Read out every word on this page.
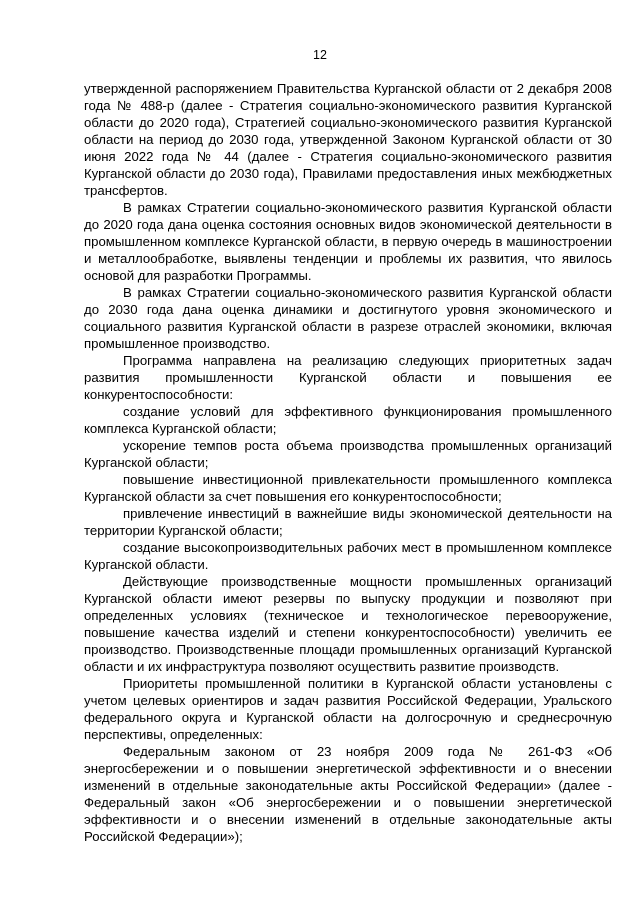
12

утвержденной распоряжением Правительства Курганской области от 2 декабря 2008 года № 488-р (далее - Стратегия социально-экономического развития Курганской области до 2020 года), Стратегией социально-экономического развития Курганской области на период до 2030 года, утвержденной Законом Курганской области от 30 июня 2022 года № 44 (далее - Стратегия социально-экономического развития Курганской области до 2030 года), Правилами предоставления иных межбюджетных трансфертов.

В рамках Стратегии социально-экономического развития Курганской области до 2020 года дана оценка состояния основных видов экономической деятельности в промышленном комплексе Курганской области, в первую очередь в машиностроении и металлообработке, выявлены тенденции и проблемы их развития, что явилось основой для разработки Программы.

В рамках Стратегии социально-экономического развития Курганской области до 2030 года дана оценка динамики и достигнутого уровня экономического и социального развития Курганской области в разрезе отраслей экономики, включая промышленное производство.

Программа направлена на реализацию следующих приоритетных задач развития промышленности Курганской области и повышения ее конкурентоспособности:

создание условий для эффективного функционирования промышленного комплекса Курганской области;

ускорение темпов роста объема производства промышленных организаций Курганской области;

повышение инвестиционной привлекательности промышленного комплекса Курганской области за счет повышения его конкурентоспособности;

привлечение инвестиций в важнейшие виды экономической деятельности на территории Курганской области;

создание высокопроизводительных рабочих мест в промышленном комплексе Курганской области.

Действующие производственные мощности промышленных организаций Курганской области имеют резервы по выпуску продукции и позволяют при определенных условиях (техническое и технологическое перевооружение, повышение качества изделий и степени конкурентоспособности) увеличить ее производство. Производственные площади промышленных организаций Курганской области и их инфраструктура позволяют осуществить развитие производств.

Приоритеты промышленной политики в Курганской области установлены с учетом целевых ориентиров и задач развития Российской Федерации, Уральского федерального округа и Курганской области на долгосрочную и среднесрочную перспективы, определенных:

Федеральным законом от 23 ноября 2009 года № 261-ФЗ «Об энергосбережении и о повышении энергетической эффективности и о внесении изменений в отдельные законодательные акты Российской Федерации» (далее - Федеральный закон «Об энергосбережении и о повышении энергетической эффективности и о внесении изменений в отдельные законодательные акты Российской Федерации»);
